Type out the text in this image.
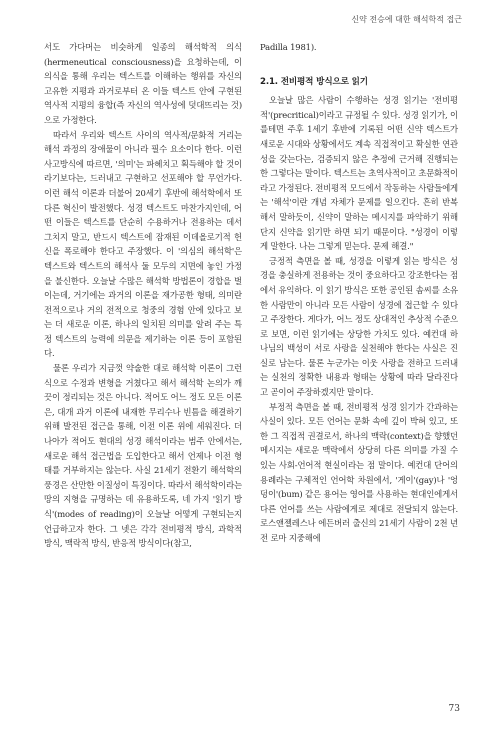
신약 전승에 대한 해석학적 접근

서도 가다머는 비슷하게 일종의 해석학적 의식(hermeneutical consciousness)을 요청하는데, 이 의식을 통해 우리는 텍스트를 이해하는 행위를 자신의 고유한 지평과 과거로부터 온 이들 텍스트 안에 구현된 역사적 지평의 융합(즉 자신의 역사성에 덧대뜨리는 것)으로 가정한다.

따라서 우리와 텍스트 사이의 역사적/문화적 거리는 해석 과정의 장애물이 아니라 필수 요소이다 한다. 이런 사고방식에 따르면, '의미'는 파헤치고 획득해야 할 것이라기보다는, 드러내고 구현하고 선포해야 할 무언가다. 이런 해석 이론과 더불어 20세기 후반에 해석학에서 또 다른 혁신이 발전했다. 성경 텍스트도 마찬가지인데, 어떤 이들은 텍스트를 단순히 수용하거나 전용하는 데서 그치지 말고, 반드시 텍스트에 잠재된 이데올로기적 헌신을 폭로해야 한다고 주장했다. 이 '의심의 해석학'은 텍스트와 텍스트의 해석사 둘 모두의 지면에 놓인 가정을 불신한다. 오늘날 수많은 해석학 방법론이 경합을 벌이는데, 거기에는 과거의 이론을 재가공한 형태, 의미란 전적으로나 거의 전적으로 청중의 경험 안에 있다고 보는 더 새로운 이론, 하나의 일치된 의미를 알려 주는 특정 텍스트의 능력에 의문을 제기하는 이론 등이 포함된다.

물론 우리가 지금껏 약술한 대로 해석학 이론이 그런 식으로 수정과 변형을 거쳤다고 해서 해석학 논의가 깨끗이 정리되는 것은 아니다. 적어도 어느 정도 모든 이론은, 대개 과거 이론에 내재한 무리수나 빈틈을 해결하기 위해 발전된 접근을 통해, 이전 이론 위에 세워진다. 더 나아가 적어도 현대의 성경 해석이라는 범주 안에서는, 새로운 해석 접근법을 도입한다고 해서 언제나 이전 형태를 거부하지는 않는다. 사실 21세기 전환기 해석학의 풍경은 산만한 이질성이 특징이다. 따라서 해석학이라는 땅의 지형을 규명하는 데 유용하도록, 네 가지 '읽기 방식'(modes of reading)이 오늘날 어떻게 구현되는지 언급하고자 한다. 그 넷은 각각 전비평적 방식, 과학적 방식, 맥락적 방식, 반응적 방식이다(참고,

Padilla 1981).

2.1. 전비평적 방식으로 읽기

오늘날 많은 사람이 수행하는 성경 읽기는 '전비평적'(precritical)이라고 규정될 수 있다. 성경 읽기가, 이를테면 주후 1세기 후반에 기록된 어떤 신약 텍스트가 새로운 시대와 상황에서도 계속 직접적이고 확실한 연관성을 갖는다는, 검증되지 않은 추정에 근거해 진행되는 한 그렇다는 말이다. 텍스트는 초역사적이고 초문화적이라고 가정된다. 전비평적 모드에서 작동하는 사람들에게는 '해석'이란 개념 자체가 문제를 일으킨다. 흔히 반복해서 말하듯이, 신약이 말하는 메시지를 파악하기 위해 단지 신약을 읽기만 하면 되기 때문이다. "성경이 이렇게 말한다. 나는 그렇게 믿는다. 문제 해결."

긍정적 측면을 볼 때, 성경을 이렇게 읽는 방식은 성경을 충실하게 전용하는 것이 중요하다고 강조한다는 점에서 유익하다. 이 읽기 방식은 또한 공인된 솜씨를 소유한 사람만이 아니라 모든 사람이 성경에 접근할 수 있다고 주장한다. 게다가, 어느 정도 상대적인 추상적 수준으로 보면, 이런 읽기에는 상당한 가치도 있다. 예컨대 하나님의 백성이 서로 사랑을 실천해야 한다는 사실은 진실로 남는다. 물론 누군가는 이웃 사랑을 전하고 드러내는 실천의 정확한 내용과 형태는 상황에 따라 달라진다고 곧이어 주장하겠지만 말이다.

부정적 측면을 볼 때, 전비평적 성경 읽기가 간과하는 사실이 있다. 모든 언어는 문화 속에 깊이 박혀 있고, 또한 그 직접적 권결로서, 하나의 맥락(context)을 향했던 메시지는 새로운 맥락에서 상당히 다른 의미를 가질 수 있는 사회-언어적 현실이라는 점 말이다. 예컨대 단어의 용례라는 구체적인 언어학 차원에서, '게이'(gay)나 '엉덩이'(bum) 같은 용어는 영어를 사용하는 현대인에게서 다른 언어를 쓰는 사람에게로 제대로 전달되지 않는다. 로스앤젤레스나 에든버러 출신의 21세기 사람이 2천 년 전 로마 지중해에

73
